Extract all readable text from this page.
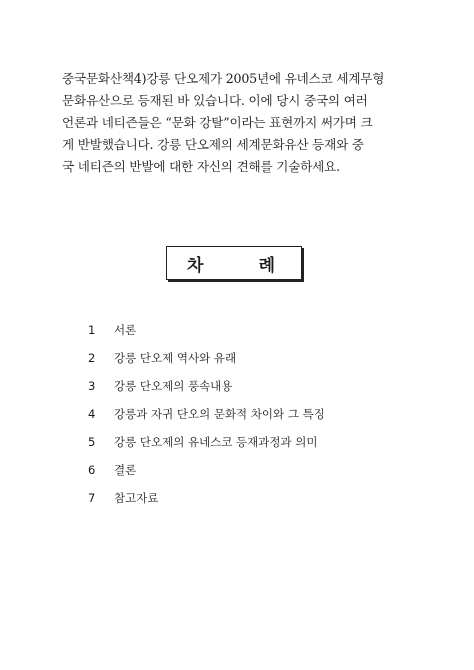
중국문화산책4)강릉 단오제가 2005년에 유네스코 세계무형
문화유산으로 등재된 바 있습니다. 이에 당시 중국의 여러
언론과 네티즌들은 “문화 강탈”이라는 표현까지 써가며 크
게 반발했습니다. 강릉 단오제의 세계문화유산 등재와 중
국 네티즌의 반발에 대한 자신의 견해를 기술하세요.

차	례
1	서론
2	강릉 단오제 역사와 유래
3	강릉 단오제의 풍속내용
4	강릉과 자귀 단오의 문화적 차이와 그 특징
5	강릉 단오제의 유네스코 등재과정과 의미
6	결론
7	참고자료
